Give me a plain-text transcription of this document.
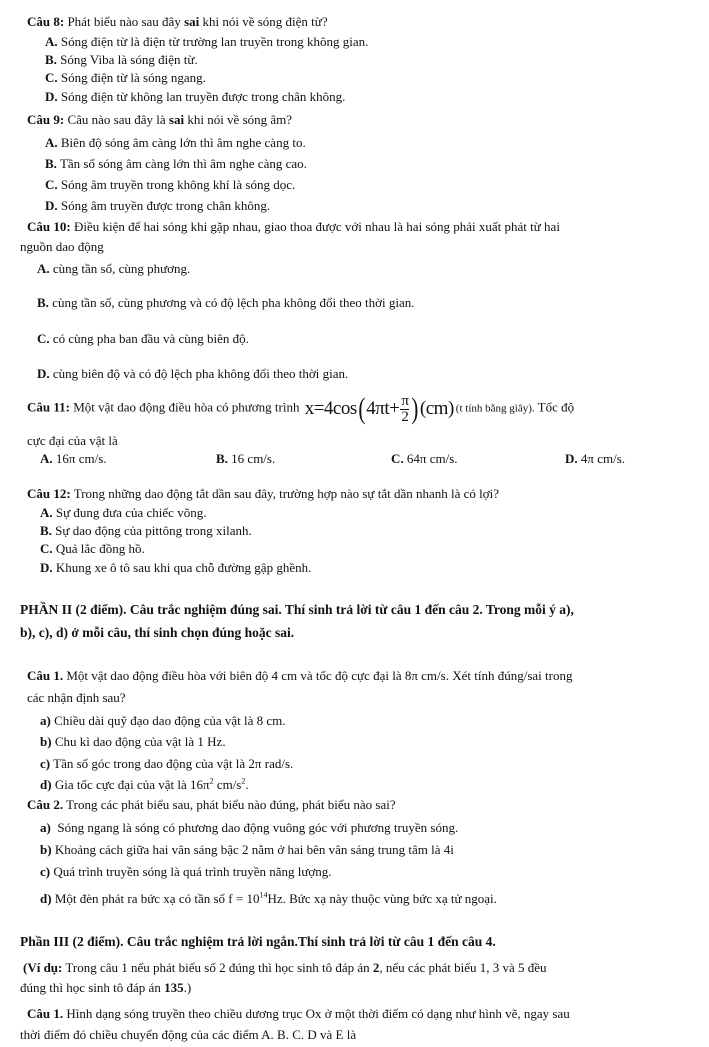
Câu 8: Phát biểu nào sau đây sai khi nói về sóng điện từ?
A. Sóng điện từ là điện từ trường lan truyền trong không gian.
B. Sóng Viba là sóng điện từ.
C. Sóng điện từ là sóng ngang.
D. Sóng điện từ không lan truyền được trong chân không.
Câu 9: Câu nào sau đây là sai khi nói về sóng âm?
A. Biên độ sóng âm càng lớn thì âm nghe càng to.
B. Tần số sóng âm càng lớn thì âm nghe càng cao.
C. Sóng âm truyền trong không khí là sóng dọc.
D. Sóng âm truyền được trong chân không.
Câu 10: Điều kiện để hai sóng khi gặp nhau, giao thoa được với nhau là hai sóng phải xuất phát từ hai
nguồn dao động
A. cùng tần số, cùng phương.
B. cùng tần số, cùng phương và có độ lệch pha không đổi theo thời gian.
C. có cùng pha ban đầu và cùng biên độ.
D. cùng biên độ và có độ lệch pha không đổi theo thời gian.
Câu 11: Một vật dao động điều hòa có phương trình $x=4\cos(4\pi t+ \frac{\pi}{2} )(cm)$ (t tính bằng giây). Tốc độ
cực đại của vật là
A. 16π cm/s.	B. 16 cm/s.	C. 64π cm/s.	D. 4π cm/s.
Câu 12: Trong những dao động tắt dần sau đây, trường hợp nào sự tắt dần nhanh là có lợi?
A. Sự đung đưa của chiếc võng.
B. Sự dao động của pittông trong xilanh.
C. Quả lắc đồng hồ.
D. Khung xe ô tô sau khi qua chỗ đường gập ghềnh.
PHẦN II (2 điểm). Câu trắc nghiệm đúng sai. Thí sinh trả lời từ câu 1 đến câu 2. Trong mỗi ý a),
b), c), d) ở mỗi câu, thí sinh chọn đúng hoặc sai.
Câu 1. Một vật dao động điều hòa với biên độ 4 cm và tốc độ cực đại là 8π cm/s. Xét tính đúng/sai trong
các nhận định sau?
a) Chiều dài quỹ đạo dao động của vật là 8 cm.
b) Chu kì dao động của vật là 1 Hz.
c) Tần số góc trong dao động của vật là 2π rad/s.
d) Gia tốc cực đại của vật là $16\pi^2$ $cm/s^2$.
Câu 2. Trong các phát biểu sau, phát biểu nào đúng, phát biểu nào sai?
a) Sóng ngang là sóng có phương dao động vuông góc với phương truyền sóng.
b) Khoảng cách giữa hai vân sáng bậc 2 nằm ở hai bên vân sáng trung tâm là 4i
c) Quá trình truyền sóng là quá trình truyền năng lượng.
d) Một đèn phát ra bức xạ có tần số $f = 10^{14}Hz$. Bức xạ này thuộc vùng bức xạ tử ngoại.
Phần III (2 điểm). Câu trắc nghiệm trả lời ngắn.Thí sinh trả lời từ câu 1 đến câu 4.
(Ví dụ: Trong câu 1 nếu phát biểu số 2 đúng thì học sinh tô đáp án 2, nếu các phát biểu 1, 3 và 5 đều
đúng thì học sinh tô đáp án 135.)
Câu 1. Hình dạng sóng truyền theo chiều dương trục Ox ở một thời điểm có dạng như hình vẽ, ngay sau
thời điểm đó chiều chuyển động của các điểm A. B. C. D và E là
